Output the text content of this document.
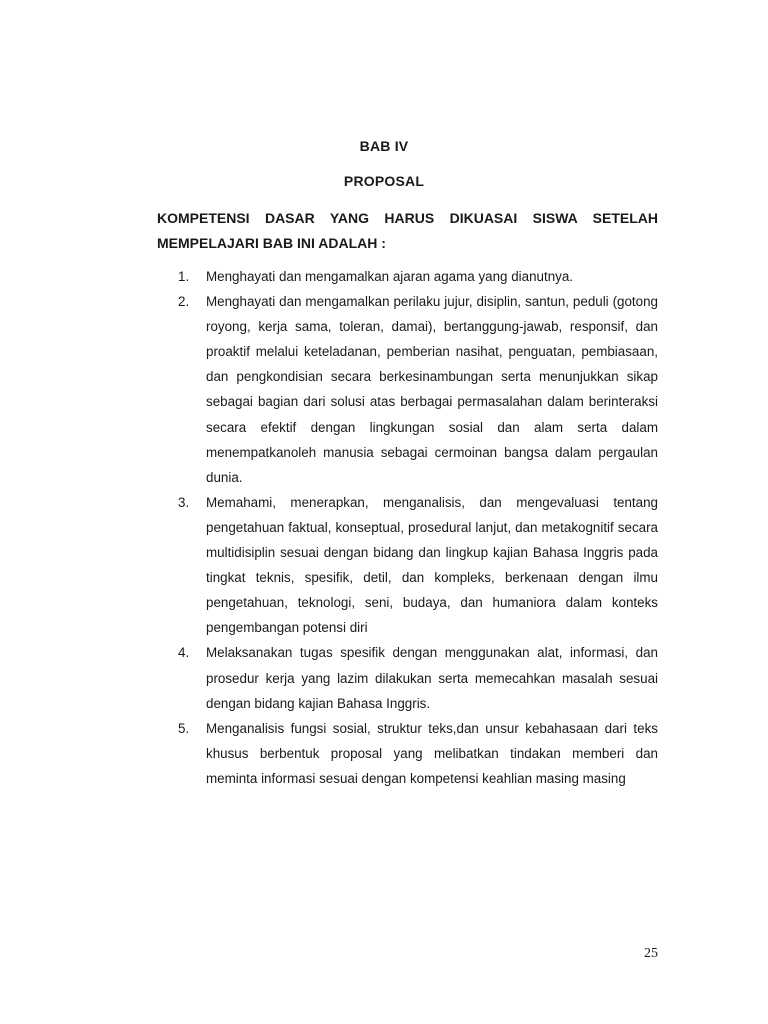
BAB IV
PROPOSAL
KOMPETENSI DASAR YANG HARUS DIKUASAI SISWA SETELAH MEMPELAJARI BAB INI ADALAH :
1.	Menghayati dan mengamalkan ajaran agama yang dianutnya.
2.	Menghayati dan mengamalkan perilaku jujur, disiplin, santun, peduli (gotong royong, kerja sama, toleran, damai), bertanggung-jawab, responsif, dan proaktif melalui keteladanan, pemberian nasihat, penguatan, pembiasaan, dan pengkondisian secara berkesinambungan serta menunjukkan sikap sebagai bagian dari solusi atas berbagai permasalahan dalam berinteraksi secara efektif dengan lingkungan sosial dan alam serta dalam menempatkanoleh manusia sebagai cermoinan bangsa dalam pergaulan dunia.
3.	Memahami, menerapkan, menganalisis, dan mengevaluasi tentang pengetahuan faktual, konseptual, prosedural lanjut, dan metakognitif secara multidisiplin sesuai dengan bidang dan lingkup kajian Bahasa Inggris pada tingkat teknis, spesifik, detil, dan kompleks, berkenaan dengan ilmu pengetahuan, teknologi, seni, budaya, dan humaniora dalam konteks pengembangan potensi diri
4.	Melaksanakan tugas spesifik dengan menggunakan alat, informasi, dan prosedur kerja yang lazim dilakukan serta memecahkan masalah sesuai dengan bidang kajian Bahasa Inggris.
5.	Menganalisis fungsi sosial, struktur teks,dan unsur kebahasaan dari teks khusus berbentuk proposal yang melibatkan tindakan memberi dan meminta informasi sesuai dengan kompetensi keahlian masing masing
25
